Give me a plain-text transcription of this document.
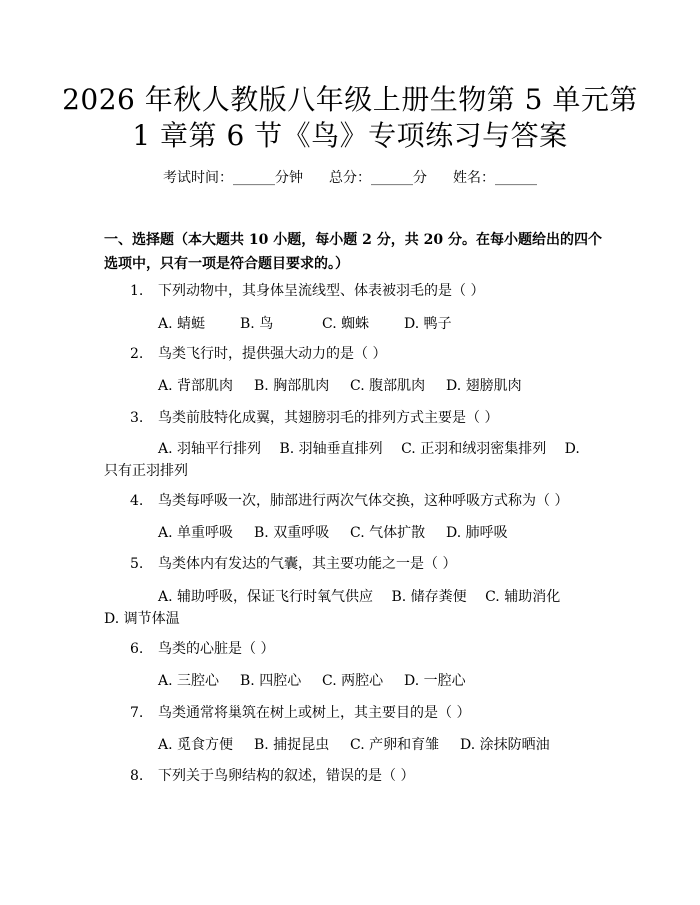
2026 年秋人教版八年级上册生物第 5 单元第
1 章第 6 节《鸟》专项练习与答案
考试时间：______分钟 总分：______分 姓名：______
一、选择题（本大题共 10 小题，每小题 2 分，共 20 分。在每小题给出的四个选项中，只有一项是符合题目要求的。）
1. 下列动物中，其身体呈流线型、体表被羽毛的是（ ）
A. 蜻蜓 B. 鸟	C. 蜘蛛 D. 鸭子
2. 鸟类飞行时，提供强大动力的是（ ）
A. 背部肌肉 B. 胸部肌肉 C. 腹部肌肉 D. 翅膀肌肉
3. 鸟类前肢特化成翼，其翅膀羽毛的排列方式主要是（ ）
A. 羽轴平行排列　 B. 羽轴垂直排列　 C. 正羽和绒羽密集排列　 D. 只有正羽排列
4. 鸟类每呼吸一次，肺部进行两次气体交换，这种呼吸方式称为（ ）
A. 单重呼吸 B. 双重呼吸 C. 气体扩散 D. 肺呼吸
5. 鸟类体内有发达的气囊，其主要功能之一是（ ）
A. 辅助呼吸，保证飞行时氧气供应　 B. 储存粪便　 C. 辅助消化　 D. 调节体温
6. 鸟类的心脏是（ ）
A. 三腔心 B. 四腔心 C. 两腔心 D. 一腔心
7. 鸟类通常将巢筑在树上或树上，其主要目的是（ ）
A. 觅食方便 B. 捕捉昆虫 C. 产卵和育雏 D. 涂抹防晒油
8. 下列关于鸟卵结构的叙述，错误的是（ ）
